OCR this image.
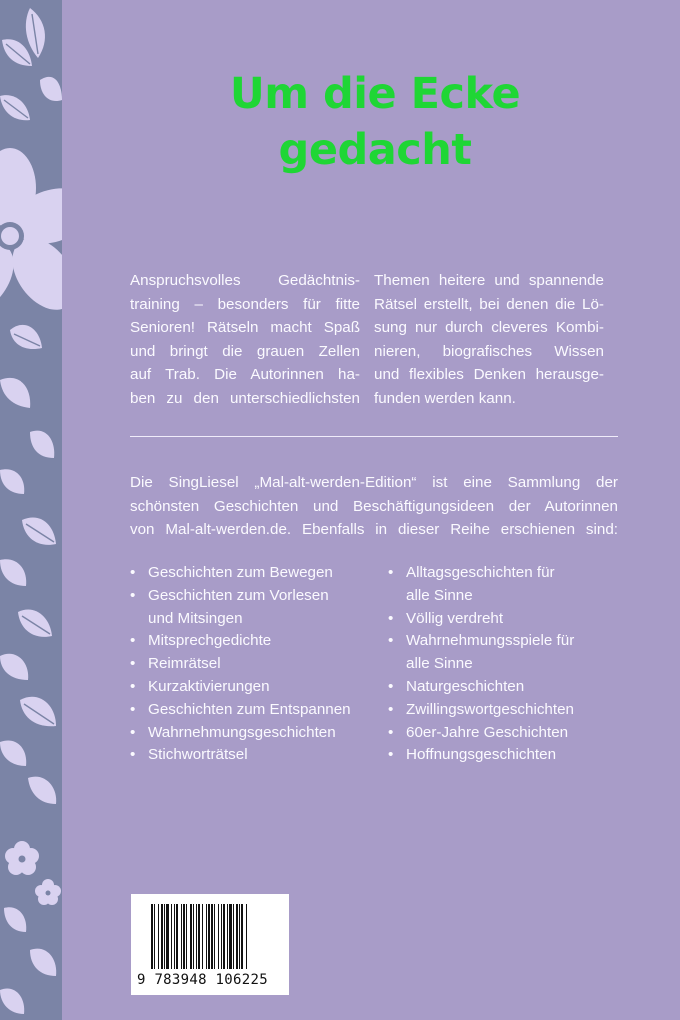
Um die Ecke
gedacht
Anspruchsvolles Gedächtnis-
training – besonders für fitte
Senioren! Rätseln macht Spaß
und bringt die grauen Zellen
auf Trab. Die Autorinnen ha-
ben zu den unterschiedlichsten
Themen heitere und spannende
Rätsel erstellt, bei denen die Lö-
sung nur durch cleveres Kombi-
nieren, biografisches Wissen
und flexibles Denken herausge-
funden werden kann.
Die SingLiesel „Mal-alt-werden-Edition“ ist eine Sammlung der
schönsten Geschichten und Beschäftigungsideen der Autorinnen
von Mal-alt-werden.de. Ebenfalls in dieser Reihe erschienen sind:
• Geschichten zum Bewegen
• Geschichten zum Vorlesen
und Mitsingen
• Mitsprechgedichte
• Reimrätsel
• Kurzaktivierungen
• Geschichten zum Entspannen
• Wahrnehmungsgeschichten
• Stichworträtsel
• Alltagsgeschichten für
alle Sinne
• Völlig verdreht
• Wahrnehmungsspiele für
alle Sinne
• Naturgeschichten
• Zwillingswortgeschichten
• 60er-Jahre Geschichten
• Hoffnungsgeschichten
9 783948 106225
